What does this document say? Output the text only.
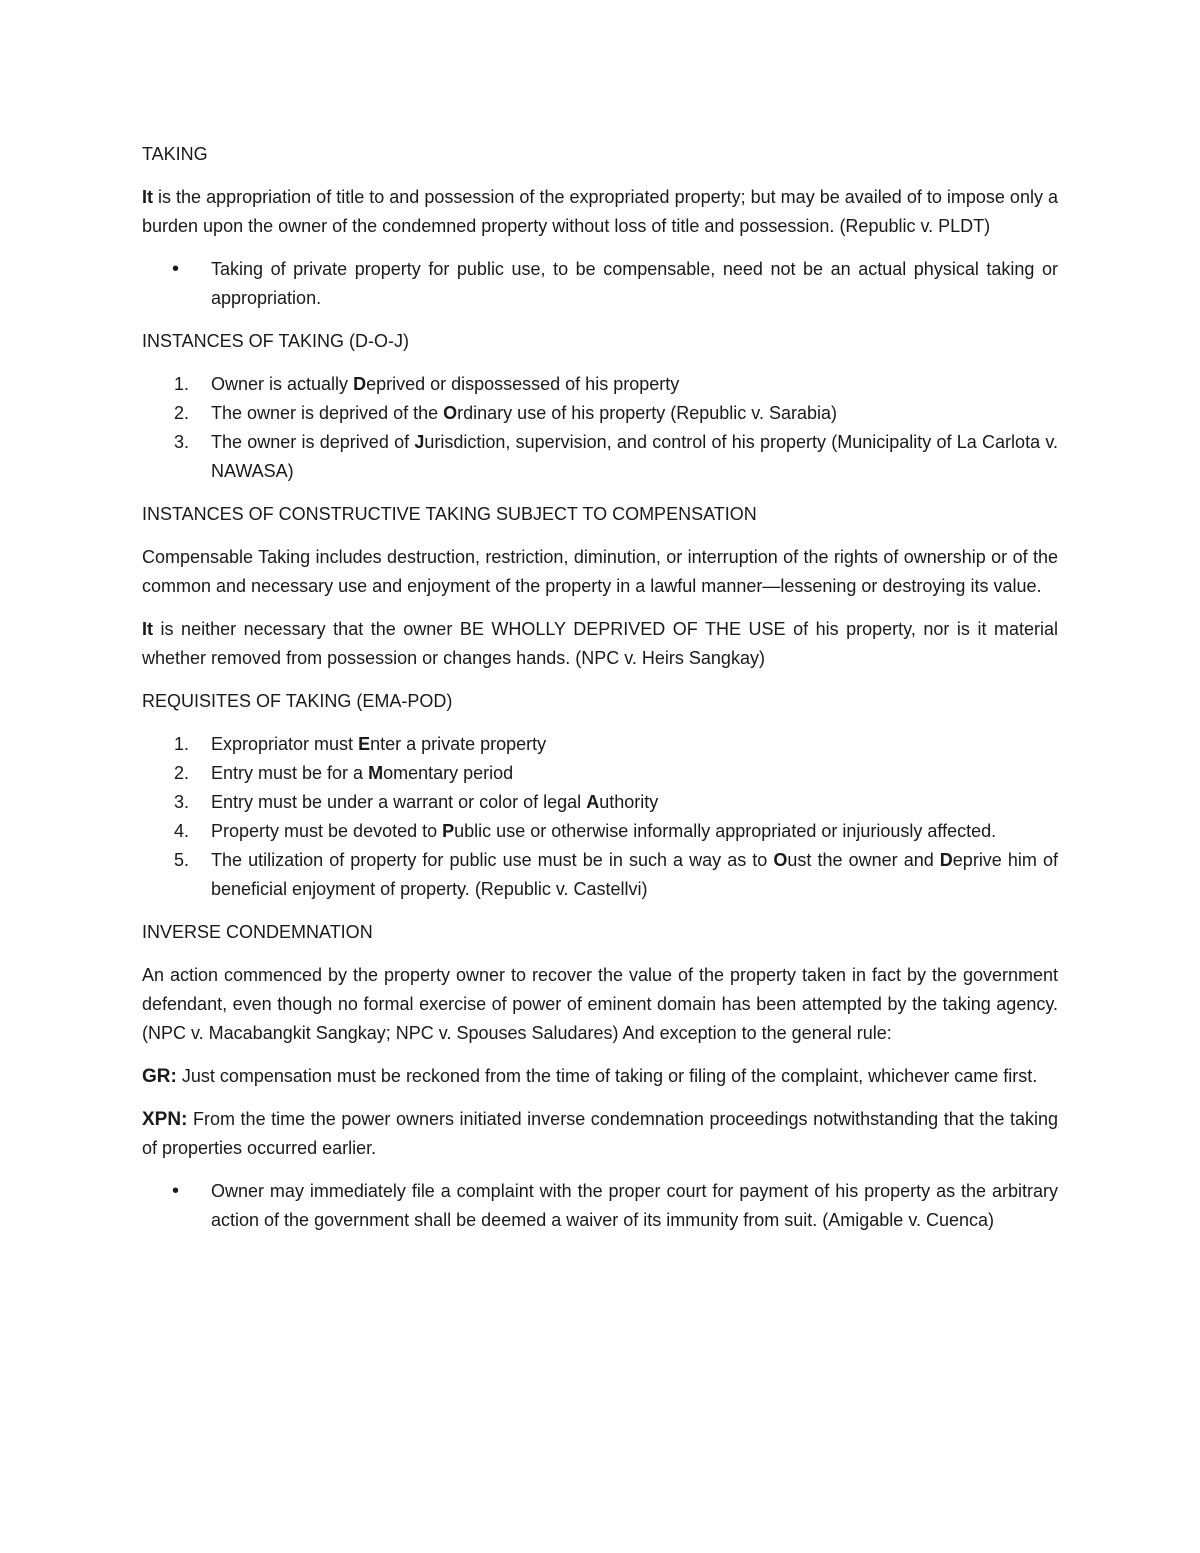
TAKING
It is the appropriation of title to and possession of the expropriated property; but may be availed of to impose only a burden upon the owner of the condemned property without loss of title and possession. (Republic v. PLDT)
• Taking of private property for public use, to be compensable, need not be an actual physical taking or appropriation.
INSTANCES OF TAKING (D-O-J)
1. Owner is actually Deprived or dispossessed of his property
2. The owner is deprived of the Ordinary use of his property (Republic v. Sarabia)
3. The owner is deprived of Jurisdiction, supervision, and control of his property (Municipality of La Carlota v. NAWASA)
INSTANCES OF CONSTRUCTIVE TAKING SUBJECT TO COMPENSATION
Compensable Taking includes destruction, restriction, diminution, or interruption of the rights of ownership or of the common and necessary use and enjoyment of the property in a lawful manner—lessening or destroying its value.
It is neither necessary that the owner BE WHOLLY DEPRIVED OF THE USE of his property, nor is it material whether removed from possession or changes hands. (NPC v. Heirs Sangkay)
REQUISITES OF TAKING (EMA-POD)
1. Expropriator must Enter a private property
2. Entry must be for a Momentary period
3. Entry must be under a warrant or color of legal Authority
4. Property must be devoted to Public use or otherwise informally appropriated or injuriously affected.
5. The utilization of property for public use must be in such a way as to Oust the owner and Deprive him of beneficial enjoyment of property. (Republic v. Castellvi)
INVERSE CONDEMNATION
An action commenced by the property owner to recover the value of the property taken in fact by the government defendant, even though no formal exercise of power of eminent domain has been attempted by the taking agency. (NPC v. Macabangkit Sangkay; NPC v. Spouses Saludares) And exception to the general rule:
GR: Just compensation must be reckoned from the time of taking or filing of the complaint, whichever came first.
XPN: From the time the power owners initiated inverse condemnation proceedings notwithstanding that the taking of properties occurred earlier.
• Owner may immediately file a complaint with the proper court for payment of his property as the arbitrary action of the government shall be deemed a waiver of its immunity from suit. (Amigable v. Cuenca)
